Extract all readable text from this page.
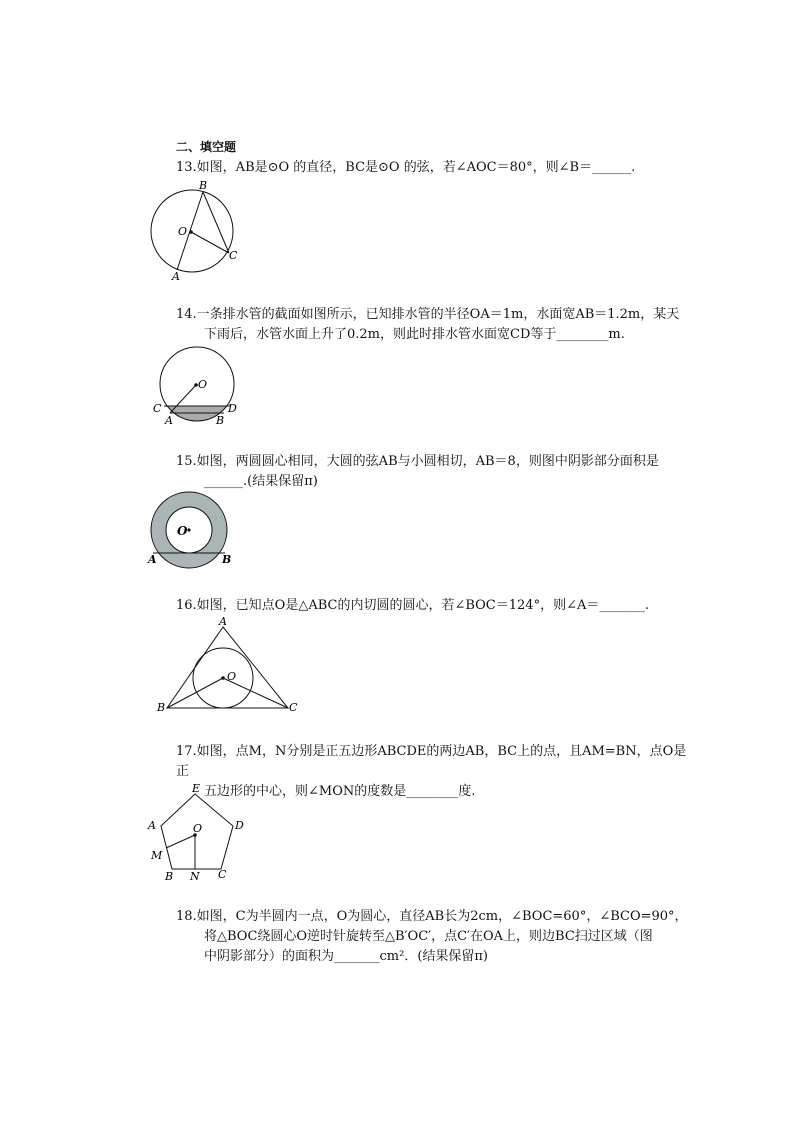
二、填空题
13.如图，AB是⊙O 的直径，BC是⊙O 的弦，若∠AOC＝80°，则∠B＝______.
B
O
C
A
14.一条排水管的截面如图所示，已知排水管的半径OA＝1m，水面宽AB＝1.2m，某天
下雨后，水管水面上升了0.2m，则此时排水管水面宽CD等于________m.
O
C	D
A	B
15.如图，两圆圆心相同，大圆的弦AB与小圆相切，AB＝8，则图中阴影部分面积是
______.(结果保留π)
O
A	B
16.如图，已知点O是△ABC的内切圆的圆心，若∠BOC＝124°，则∠A＝_______.
A
O
B	C
17.如图，点M，N分别是正五边形ABCDE的两边AB，BC上的点，且AM=BN，点O是正
五边形的中心，则∠MON的度数是________度.
E
A	D
O
M
B N C
18.如图，C为半圆内一点，O为圆心，直径AB长为2cm，∠BOC=60°，∠BCO=90°，
将△BOC绕圆心O逆时针旋转至△B′OC′，点C′在OA上，则边BC扫过区域（图
中阴影部分）的面积为_______cm²．(结果保留π)
